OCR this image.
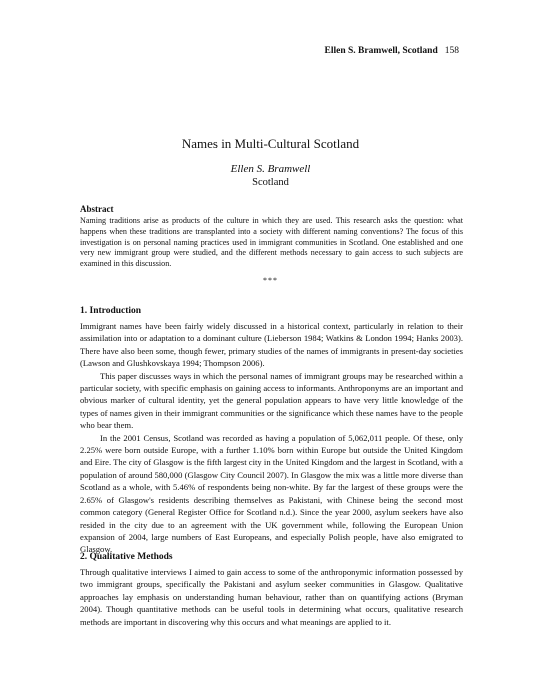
Ellen S. Bramwell, Scotland 158
Names in Multi-Cultural Scotland
Ellen S. Bramwell
Scotland
Abstract
Naming traditions arise as products of the culture in which they are used. This research asks the question: what happens when these traditions are transplanted into a society with different naming conventions? The focus of this investigation is on personal naming practices used in immigrant communities in Scotland. One established and one very new immigrant group were studied, and the different methods necessary to gain access to such subjects are examined in this discussion.
***
1. Introduction

Immigrant names have been fairly widely discussed in a historical context, particularly in relation to their assimilation into or adaptation to a dominant culture (Lieberson 1984; Watkins & London 1994; Hanks 2003). There have also been some, though fewer, primary studies of the names of immigrants in present-day societies (Lawson and Glushkovskaya 1994; Thompson 2006).

This paper discusses ways in which the personal names of immigrant groups may be researched within a particular society, with specific emphasis on gaining access to informants. Anthroponyms are an important and obvious marker of cultural identity, yet the general population appears to have very little knowledge of the types of names given in their immigrant communities or the significance which these names have to the people who bear them.

In the 2001 Census, Scotland was recorded as having a population of 5,062,011 people. Of these, only 2.25% were born outside Europe, with a further 1.10% born within Europe but outside the United Kingdom and Eire. The city of Glasgow is the fifth largest city in the United Kingdom and the largest in Scotland, with a population of around 580,000 (Glasgow City Council 2007). In Glasgow the mix was a little more diverse than Scotland as a whole, with 5.46% of respondents being non-white. By far the largest of these groups were the 2.65% of Glasgow's residents describing themselves as Pakistani, with Chinese being the second most common category (General Register Office for Scotland n.d.). Since the year 2000, asylum seekers have also resided in the city due to an agreement with the UK government while, following the European Union expansion of 2004, large numbers of East Europeans, and especially Polish people, have also emigrated to Glasgow.

2. Qualitative Methods

Through qualitative interviews I aimed to gain access to some of the anthroponymic information possessed by two immigrant groups, specifically the Pakistani and asylum seeker communities in Glasgow. Qualitative approaches lay emphasis on understanding human behaviour, rather than on quantifying actions (Bryman 2004). Though quantitative methods can be useful tools in determining what occurs, qualitative research methods are important in discovering why this occurs and what meanings are applied to it.
